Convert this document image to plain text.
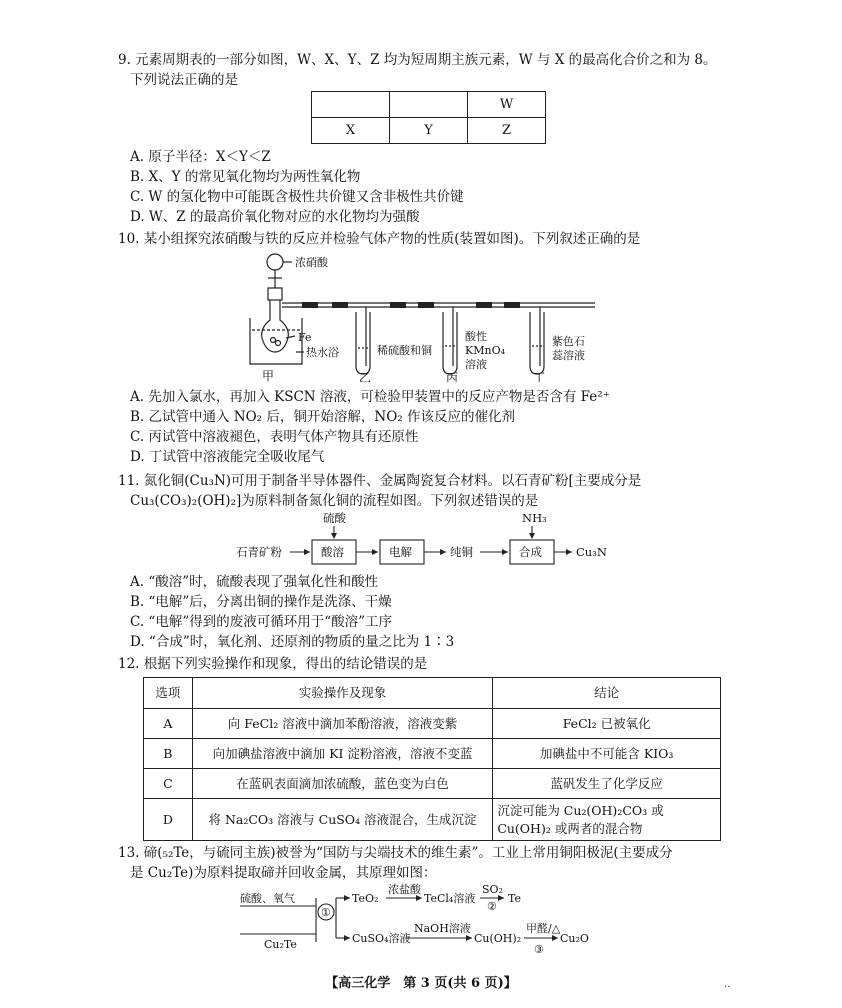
9. 元素周期表的一部分如图，W、X、Y、Z 均为短周期主族元素，W 与 X 的最高化合价之和为 8。
下列说法正确的是
		W
X	Y	Z
A. 原子半径：X＜Y＜Z
B. X、Y 的常见氧化物均为两性氧化物
C. W 的氢化物中可能既含极性共价键又含非极性共价键
D. W、Z 的最高价氧化物对应的水化物均为强酸
10. 某小组探究浓硝酸与铁的反应并检验气体产物的性质(装置如图)。下列叙述正确的是
浓硝酸
Fe
热水浴	稀硫酸和铜
酸性
KMnO₄
溶液
紫色石
蕊溶液
甲	乙	丙	丁
A. 先加入氯水，再加入 KSCN 溶液，可检验甲装置中的反应产物是否含有 Fe²⁺
B. 乙试管中通入 NO₂ 后，铜开始溶解，NO₂ 作该反应的催化剂
C. 丙试管中溶液褪色，表明气体产物具有还原性
D. 丁试管中溶液能完全吸收尾气
11. 氮化铜(Cu₃N)可用于制备半导体器件、金属陶瓷复合材料。以石青矿粉[主要成分是
Cu₃(CO₃)₂(OH)₂]为原料制备氮化铜的流程如图。下列叙述错误的是
硫酸	NH₃
石青矿粉	酸溶	电解	纯铜	合成	Cu₃N
A. “酸溶”时，硫酸表现了强氧化性和酸性
B. “电解”后，分离出铜的操作是洗涤、干燥
C. “电解”得到的废液可循环用于“酸溶”工序
D. “合成”时，氧化剂、还原剂的物质的量之比为 1∶3
12. 根据下列实验操作和现象，得出的结论错误的是
选项	实验操作及现象	结论
A	向 FeCl₂ 溶液中滴加苯酚溶液，溶液变紫	FeCl₂ 已被氧化
B	向加碘盐溶液中滴加 KI 淀粉溶液，溶液不变蓝	加碘盐中不可能含 KIO₃
C	在蓝矾表面滴加浓硫酸，蓝色变为白色	蓝矾发生了化学反应
D	将 Na₂CO₃ 溶液与 CuSO₄ 溶液混合，生成沉淀	沉淀可能为 Cu₂(OH)₂CO₃ 或
Cu(OH)₂ 或两者的混合物
13. 碲(₅₂Te，与硫同主族)被誉为“国防与尖端技术的维生素”。工业上常用铜阳极泥(主要成分
是 Cu₂Te)为原料提取碲并回收金属，其原理如图：
硫酸、氧气
Cu₂Te
①
TeO₂
浓盐酸
TeCl₄溶液
SO₂
②
Te
CuSO₄溶液
NaOH溶液
Cu(OH)₂
甲醛/△
③
Cu₂O
【高三化学　第 3 页(共 6 页)】	··
